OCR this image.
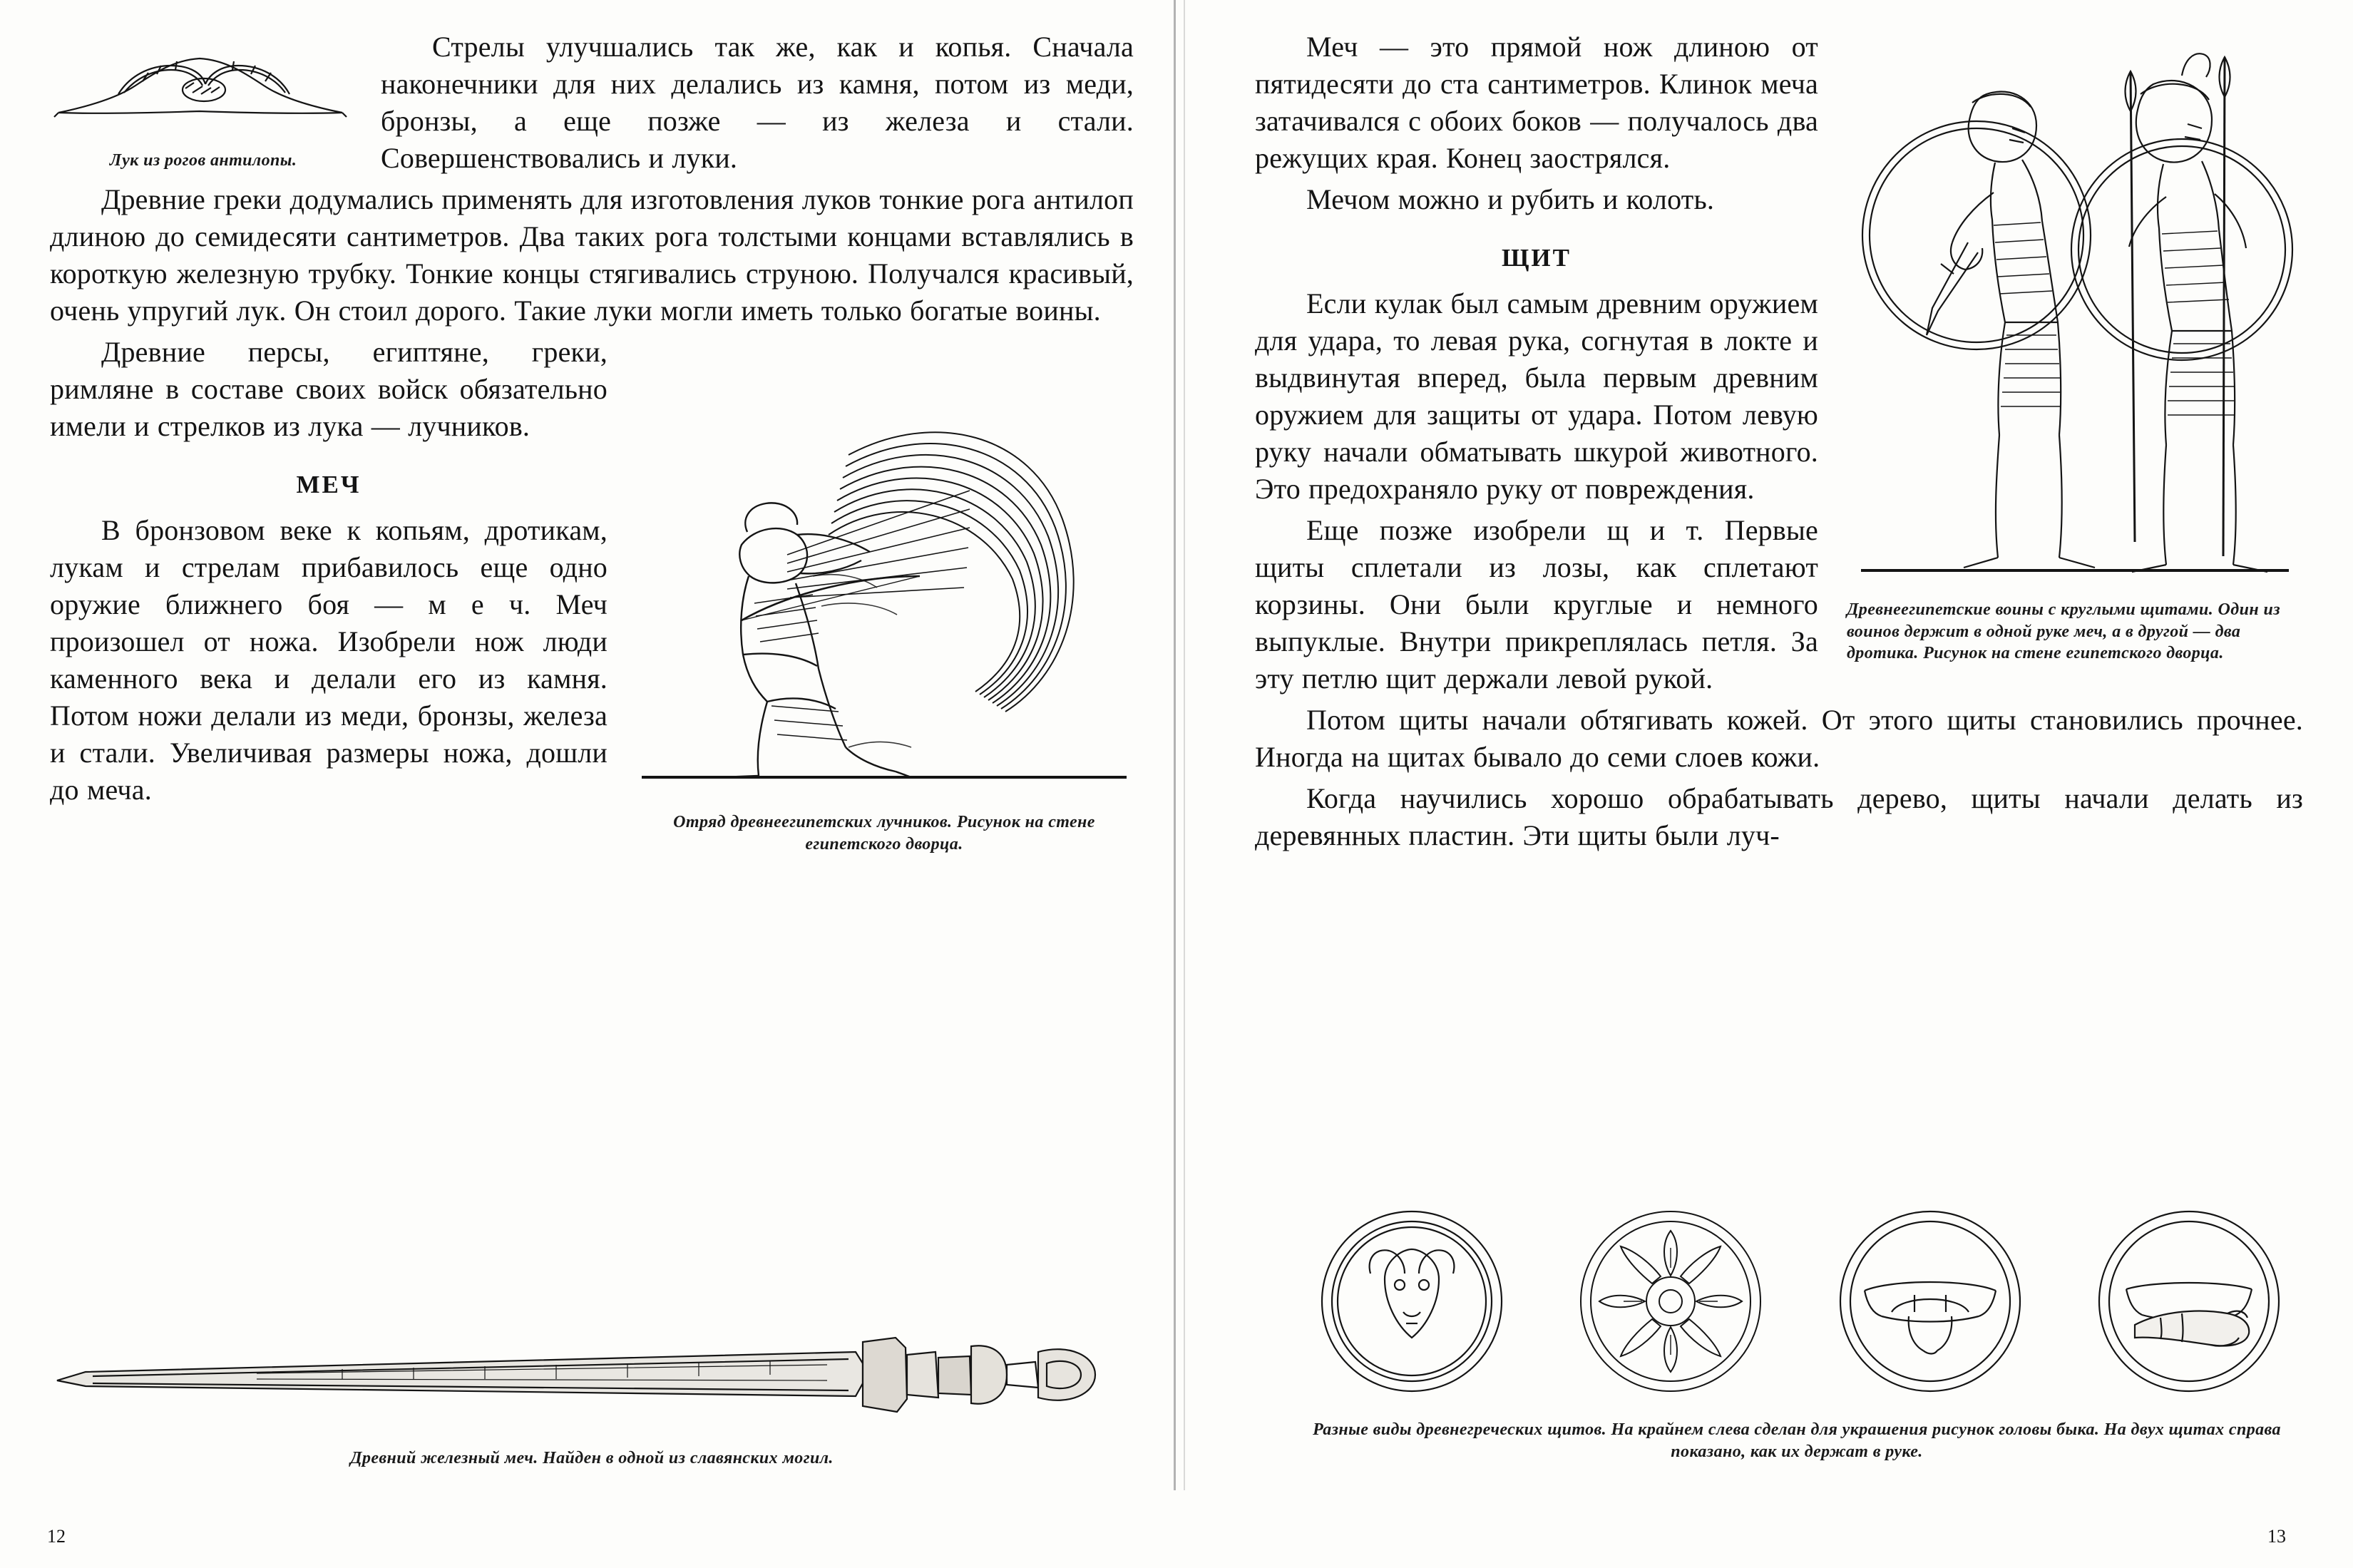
Лук из рогов антилопы.

Стрелы улучшались так же, как и копья. Сначала наконечники для них делались из камня, потом из меди, бронзы, а еще позже — из железа и стали. Совершенствовались и луки.

Древние греки додумались применять для изготовления луков тонкие рога антилоп длиною до семидесяти сантиметров. Два таких рога толстыми концами вставлялись в короткую железную трубку. Тонкие концы стягивались струною. Получался красивый, очень упругий лук. Он стоил дорого. Такие луки могли иметь только богатые воины.

Отряд древнеегипетских лучников. Рисунок на стене египетского дворца.

Древние персы, египтяне, греки, римляне в составе своих войск обязательно имели и стрелков из лука — лучников.

МЕЧ

В бронзовом веке к копьям, дротикам, лукам и стрелам прибавилось еще одно оружие ближнего боя — м е ч. Меч произошел от ножа. Изобрели нож люди каменного века и делали его из камня. Потом ножи делали из меди, бронзы, железа и стали. Увеличивая размеры ножа, дошли до меча.

Древний железный меч. Найден в одной из славянских могил.
12
Древнеегипетские воины с круглыми щитами. Один из воинов держит в одной руке меч, а в другой — два дротика. Рисунок на стене египетского дворца.

Меч — это прямой нож длиною от пятидесяти до ста сантиметров. Клинок меча затачивался с обоих боков — получалось два режущих края. Конец заострялся.

Мечом можно и рубить и колоть.

ЩИТ

Если кулак был самым древним оружием для удара, то левая рука, согнутая в локте и выдвинутая вперед, была первым древним оружием для защиты от удара. Потом левую руку начали обматывать шкурой животного. Это предохраняло руку от повреждения.

Еще позже изобрели щ и т. Первые щиты сплетали из лозы, как сплетают корзины. Они были круглые и немного выпуклые. Внутри прикреплялась петля. За эту петлю щит держали левой рукой.

Потом щиты начали обтягивать кожей. От этого щиты становились прочнее. Иногда на щитах бывало до семи слоев кожи.

Когда научились хорошо обрабатывать дерево, щиты начали делать из деревянных пластин. Эти щиты были луч-

Разные виды древнегреческих щитов. На крайнем слева сделан для украшения рисунок головы быка. На двух щитах справа показано, как их держат в руке.
13
